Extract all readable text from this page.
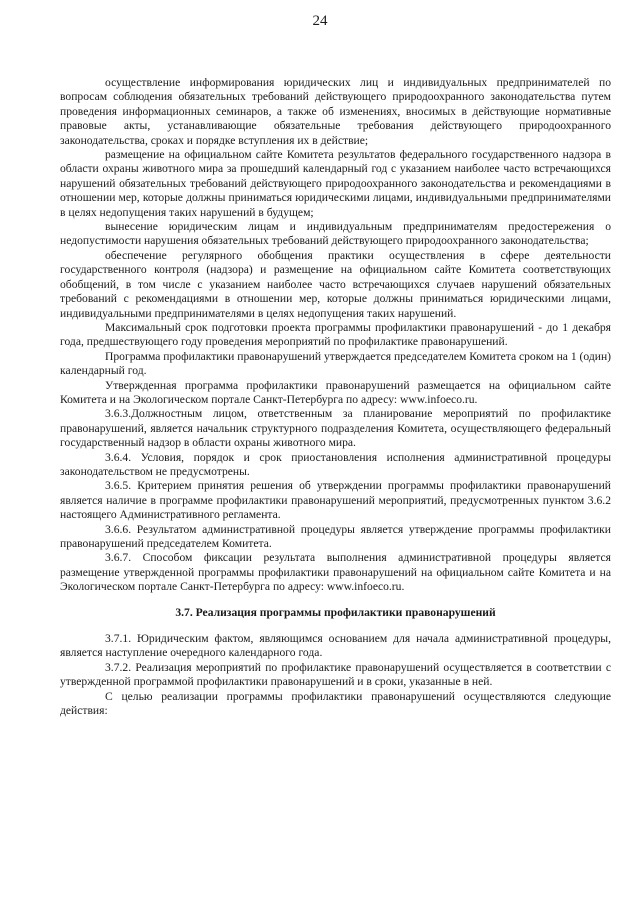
24

осуществление информирования юридических лиц и индивидуальных предпринимателей по вопросам соблюдения обязательных требований действующего природоохранного законодательства путем проведения информационных семинаров, а также об изменениях, вносимых в действующие нормативные правовые акты, устанавливающие обязательные требования действующего природоохранного законодательства, сроках и порядке вступления их в действие;

размещение на официальном сайте Комитета результатов федерального государственного надзора в области охраны животного мира за прошедший календарный год с указанием наиболее часто встречающихся нарушений обязательных требований действующего природоохранного законодательства и рекомендациями в отношении мер, которые должны приниматься юридическими лицами, индивидуальными предпринимателями в целях недопущения таких нарушений в будущем;

вынесение юридическим лицам и индивидуальным предпринимателям предостережения о недопустимости нарушения обязательных требований действующего природоохранного законодательства;

обеспечение регулярного обобщения практики осуществления в сфере деятельности государственного контроля (надзора) и размещение на официальном сайте Комитета соответствующих обобщений, в том числе с указанием наиболее часто встречающихся случаев нарушений обязательных требований с рекомендациями в отношении мер, которые должны приниматься юридическими лицами, индивидуальными предпринимателями в целях недопущения таких нарушений.

Максимальный срок подготовки проекта программы профилактики правонарушений - до 1 декабря года, предшествующего году проведения мероприятий по профилактике правонарушений.

Программа профилактики правонарушений утверждается председателем Комитета сроком на 1 (один) календарный год.

Утвержденная программа профилактики правонарушений размещается на официальном сайте Комитета и на Экологическом портале Санкт-Петербурга по адресу: www.infoeco.ru.

3.6.3.Должностным лицом, ответственным за планирование мероприятий по профилактике правонарушений, является начальник структурного подразделения Комитета, осуществляющего федеральный государственный надзор в области охраны животного мира.

3.6.4. Условия, порядок и срок приостановления исполнения административной процедуры законодательством не предусмотрены.

3.6.5. Критерием принятия решения об утверждении программы профилактики правонарушений является наличие в программе профилактики правонарушений мероприятий, предусмотренных пунктом 3.6.2 настоящего Административного регламента.

3.6.6. Результатом административной процедуры является утверждение программы профилактики правонарушений председателем Комитета.

3.6.7. Способом фиксации результата выполнения административной процедуры является размещение утвержденной программы профилактики правонарушений на официальном сайте Комитета и на Экологическом портале Санкт-Петербурга по адресу: www.infoeco.ru.

3.7. Реализация программы профилактики правонарушений

3.7.1. Юридическим фактом, являющимся основанием для начала административной процедуры, является наступление очередного календарного года.

3.7.2. Реализация мероприятий по профилактике правонарушений осуществляется в соответствии с утвержденной программой профилактики правонарушений и в сроки, указанные в ней.

С целью реализации программы профилактики правонарушений осуществляются следующие действия:
